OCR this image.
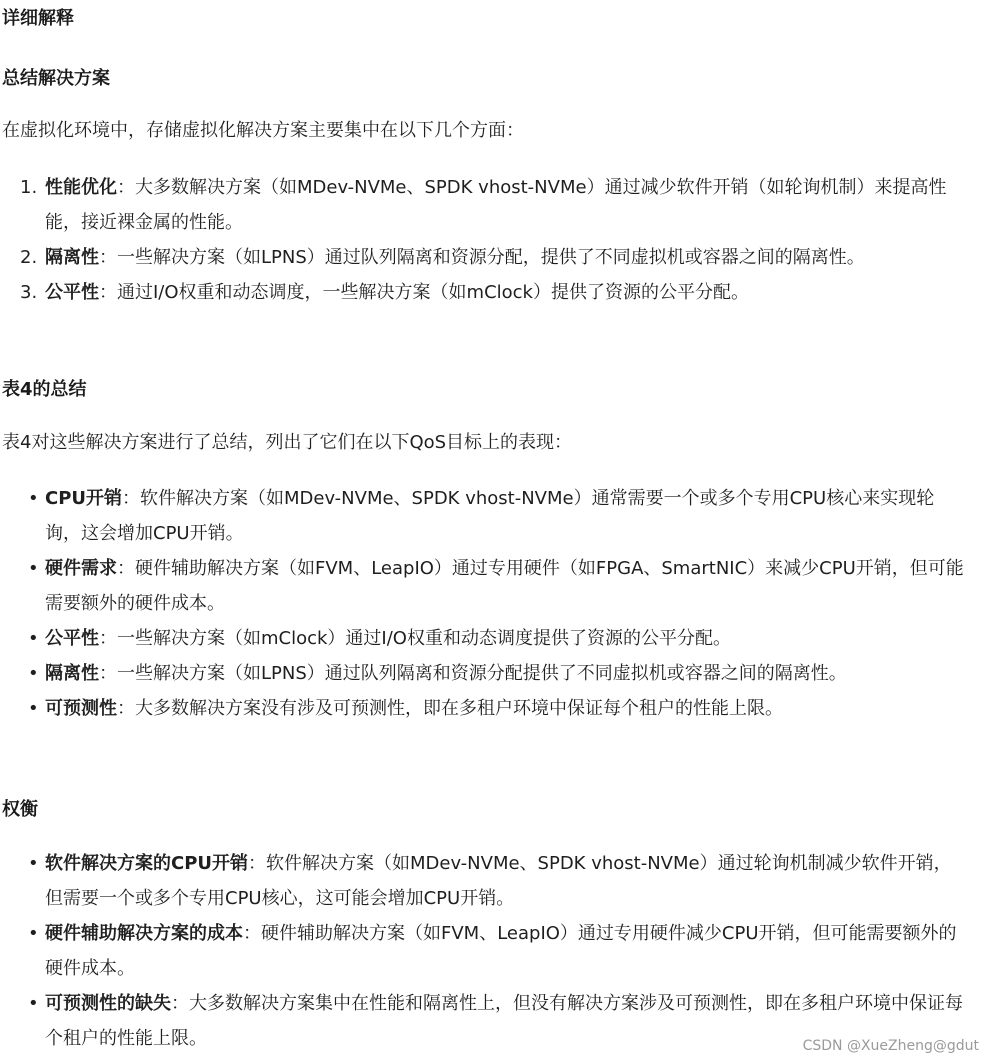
详细解释
总结解决方案

在虚拟化环境中，存储虚拟化解决方案主要集中在以下几个方面：

1. 性能优化：大多数解决方案（如MDev-NVMe、SPDK vhost-NVMe）通过减少软件开销（如轮询机制）来提高性能，接近裸金属的性能。
2. 隔离性：一些解决方案（如LPNS）通过队列隔离和资源分配，提供了不同虚拟机或容器之间的隔离性。
3. 公平性：通过I/O权重和动态调度，一些解决方案（如mClock）提供了资源的公平分配。
表4的总结

表4对这些解决方案进行了总结，列出了它们在以下QoS目标上的表现：

• CPU开销：软件解决方案（如MDev-NVMe、SPDK vhost-NVMe）通常需要一个或多个专用CPU核心来实现轮询，这会增加CPU开销。
• 硬件需求：硬件辅助解决方案（如FVM、LeapIO）通过专用硬件（如FPGA、SmartNIC）来减少CPU开销，但可能需要额外的硬件成本。
• 公平性：一些解决方案（如mClock）通过I/O权重和动态调度提供了资源的公平分配。
• 隔离性：一些解决方案（如LPNS）通过队列隔离和资源分配提供了不同虚拟机或容器之间的隔离性。
• 可预测性：大多数解决方案没有涉及可预测性，即在多租户环境中保证每个租户的性能上限。
权衡
• 软件解决方案的CPU开销：软件解决方案（如MDev-NVMe、SPDK vhost-NVMe）通过轮询机制减少软件开销，但需要一个或多个专用CPU核心，这可能会增加CPU开销。
• 硬件辅助解决方案的成本：硬件辅助解决方案（如FVM、LeapIO）通过专用硬件减少CPU开销，但可能需要额外的硬件成本。
• 可预测性的缺失：大多数解决方案集中在性能和隔离性上，但没有解决方案涉及可预测性，即在多租户环境中保证每个租户的性能上限。	CSDN @XueZheng@gdut
